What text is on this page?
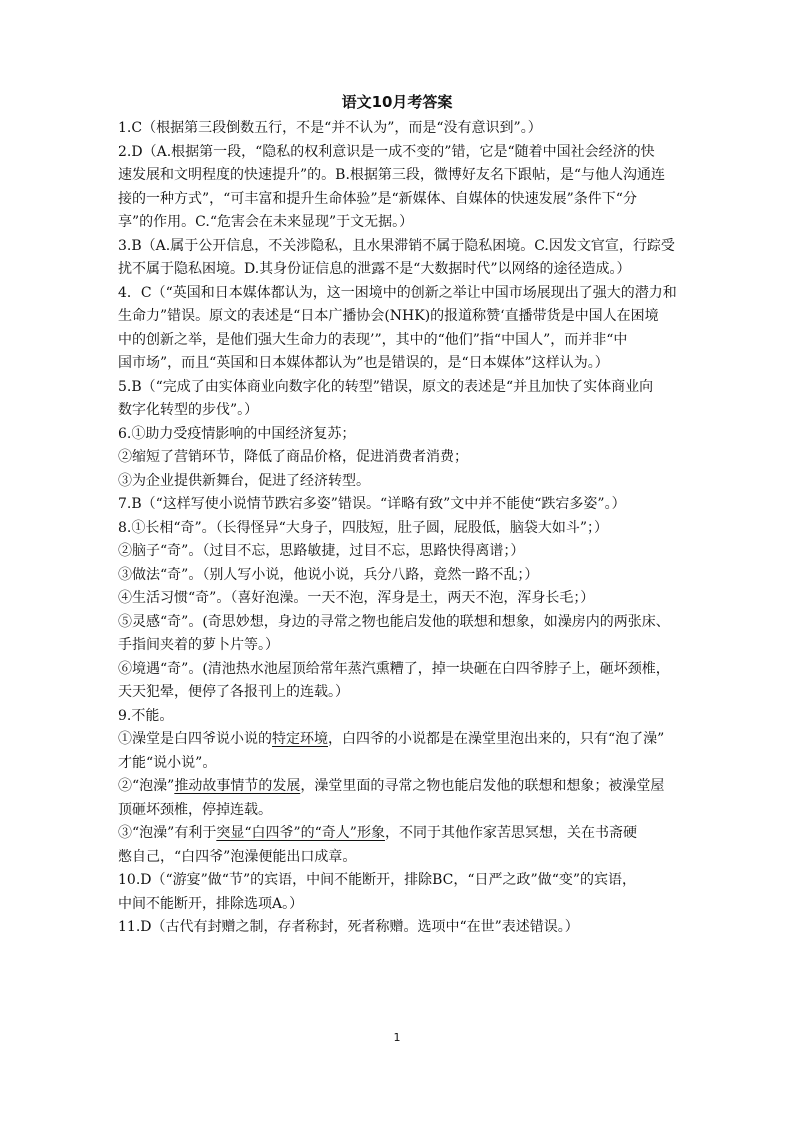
语文10月考答案
1.C（根据第三段倒数五行，不是“并不认为”，而是“没有意识到”。）
2.D（A.根据第一段，“隐私的权利意识是一成不变的”错，它是“随着中国社会经济的快
速发展和文明程度的快速提升”的。B.根据第三段，微博好友名下跟帖，是“与他人沟通连
接的一种方式”，“可丰富和提升生命体验”是“新媒体、自媒体的快速发展”条件下“分
享”的作用。C.“危害会在未来显现”于文无据。）
3.B（A.属于公开信息，不关涉隐私，且水果滞销不属于隐私困境。C.因发文官宣，行踪受
扰不属于隐私困境。D.其身份证信息的泄露不是“大数据时代”以网络的途径造成。）
4．C（“英国和日本媒体都认为，这一困境中的创新之举让中国市场展现出了强大的潜力和
生命力”错误。原文的表述是“日本广播协会(NHK)的报道称赞‘直播带货是中国人在困境
中的创新之举，是他们强大生命力的表现’”，其中的“他们”指“中国人”，而并非“中
国市场”，而且“英国和日本媒体都认为”也是错误的，是“日本媒体”这样认为。）
5.B（“完成了由实体商业向数字化的转型”错误，原文的表述是“并且加快了实体商业向
数字化转型的步伐”。）
6.①助力受疫情影响的中国经济复苏；
②缩短了营销环节，降低了商品价格，促进消费者消费；
③为企业提供新舞台，促进了经济转型。
7.B（“这样写使小说情节跌宕多姿”错误。“详略有致”文中并不能使“跌宕多姿”。）
8.①长相“奇”。（长得怪异“大身子，四肢短，肚子圆，屁股低，脑袋大如斗”；）
②脑子“奇”。（过目不忘，思路敏捷，过目不忘，思路快得离谱；）
③做法“奇”。（别人写小说，他说小说，兵分八路，竟然一路不乱；）
④生活习惯“奇”。（喜好泡澡。一天不泡，浑身是土，两天不泡，浑身长毛；）
⑤灵感“奇”。(奇思妙想，身边的寻常之物也能启发他的联想和想象，如澡房内的两张床、
手指间夹着的萝卜片等。）
⑥境遇“奇”。(清池热水池屋顶给常年蒸汽熏糟了，掉一块砸在白四爷脖子上，砸坏颈椎，
天天犯晕，便停了各报刊上的连载。）
9.不能。
①澡堂是白四爷说小说的特定环境，白四爷的小说都是在澡堂里泡出来的，只有“泡了澡”
才能“说小说”。
②“泡澡”推动故事情节的发展，澡堂里面的寻常之物也能启发他的联想和想象；被澡堂屋
顶砸坏颈椎，停掉连载。
③“泡澡”有利于突显“白四爷”的“奇人”形象，不同于其他作家苦思冥想，关在书斋硬
憋自己，“白四爷”泡澡便能出口成章。
10.D（“游宴”做“节”的宾语，中间不能断开，排除BC，“日严之政”做“变”的宾语，
中间不能断开，排除选项A。）
11.D（古代有封赠之制，存者称封，死者称赠。选项中“在世”表述错误。）
1
